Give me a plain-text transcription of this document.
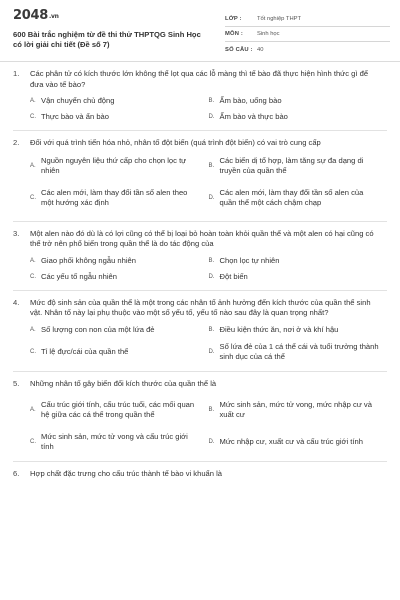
2048.vn
600 Bài trắc nghiệm từ đề thi thử THPTQG Sinh Học có lời giải chi tiết (Đề số 7)
LỚP :	Tốt nghiệp THPT
MÔN :	Sinh học
SỐ CÂU : 40
1.	Các phân tử có kích thước lớn không thể lọt qua các lỗ màng thì tế bào đã thực hiện hình thức gì để đưa vào tế bào?
A. Vận chuyển chủ động	B. Ẩm bào, uống bào
C. Thực bào và ẩn bào	D. Ẩm bào và thực bào
2.	Đối với quá trình tiến hóa nhỏ, nhân tố đột biến (quá trình đột biến) có vai trò cung cấp
A.
Nguồn nguyên liệu thứ cấp cho chọn lọc tự nhiên	B.
Các biến dị tổ hợp, làm tăng sự đa dạng di truyền của quần thể
C.
Các alen mới, làm thay đổi tần số alen theo một hướng xác định	D.
Các alen mới, làm thay đổi tần số alen của quần thể một cách chậm chạp
3.	Một alen nào đó dù là có lợi cũng có thể bị loại bỏ hoàn toàn khỏi quần thể và một alen có hại cũng có thể trở nên phổ biến trong quần thể là do tác động của
A. Giao phối không ngẫu nhiên	B. Chọn lọc tự nhiên
C. Các yếu tố ngẫu nhiên	D. Đột biến
4.	Mức độ sinh sản của quần thể là một trong các nhân tố ảnh hưởng đến kích thước của quần thể sinh vật. Nhân tố này lại phụ thuộc vào một số yếu tố, yếu tố nào sau đây là quan trọng nhất?
A. Số lượng con non của một lứa đẻ	B. Điều kiện thức ăn, nơi ở và khí hậu
C. Tỉ lệ đực/cái của quần thể	D.
Số lứa đẻ của 1 cá thể cái và tuổi trưởng thành sinh dục của cá thể
5.	Những nhân tố gây biến đổi kích thước của quần thể là
A.
Cấu trúc giới tính, cấu trúc tuổi, các mối quan hệ giữa các cá thể trong quần thể	B.
Mức sinh sản, mức tử vong, mức nhập cư và xuất cư
C.
Mức sinh sản, mức tử vong và cấu trúc giới tính	D. Mức nhập cư, xuất cư và cấu trúc giới tính
6.	Hợp chất đặc trưng cho cấu trúc thành tế bào vi khuẩn là
